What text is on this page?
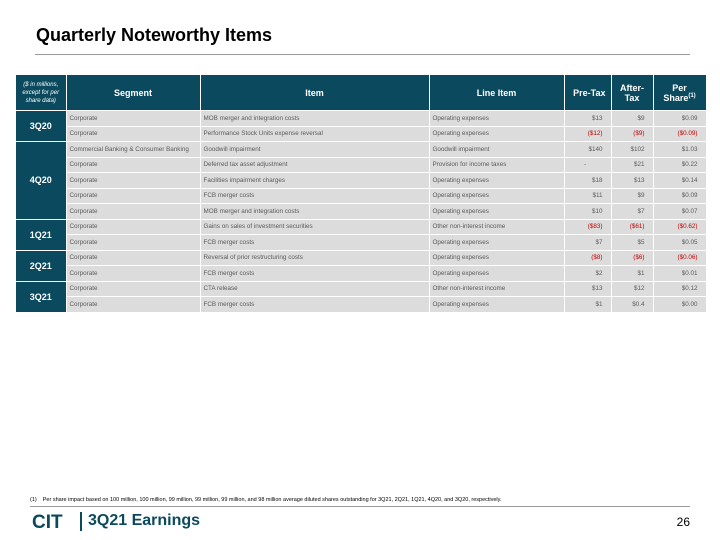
Quarterly Noteworthy Items
($ in millions, except for per share data)	Segment	Item	Line Item	Pre-Tax	After-Tax	Per Share$^{(1)}$
3Q20	Corporate	MOB merger and integration costs	Operating expenses	$13	$9	$0.09
	Corporate	Performance Stock Units expense reversal	Operating expenses	($12)	($9)	($0.09)
4Q20	Commercial Banking & Consumer Banking	Goodwill impairment	Goodwill impairment	$140	$102	$1.03
	Corporate	Deferred tax asset adjustment	Provision for income taxes	-	$21	$0.22
	Corporate	Facilities impairment charges	Operating expenses	$18	$13	$0.14
	Corporate	FCB merger costs	Operating expenses	$11	$9	$0.09
	Corporate	MOB merger and integration costs	Operating expenses	$10	$7	$0.07
1Q21	Corporate	Gains on sales of investment securities	Other non-interest income	($83)	($61)	($0.62)
	Corporate	FCB merger costs	Operating expenses	$7	$5	$0.05
2Q21	Corporate	Reversal of prior restructuring costs	Operating expenses	($8)	($6)	($0.06)
	Corporate	FCB merger costs	Operating expenses	$2	$1	$0.01
3Q21	Corporate	CTA release	Other non-interest income	$13	$12	$0.12
	Corporate	FCB merger costs	Operating expenses	$1	$0.4	$0.00
(1) Per share impact based on 100 million, 100 million, 99 million, 99 million, 99 million, and 98 million average diluted shares outstanding for 3Q21, 2Q21, 1Q21, 4Q20, and 3Q20, respectively.
CIT 3Q21 Earnings	26
